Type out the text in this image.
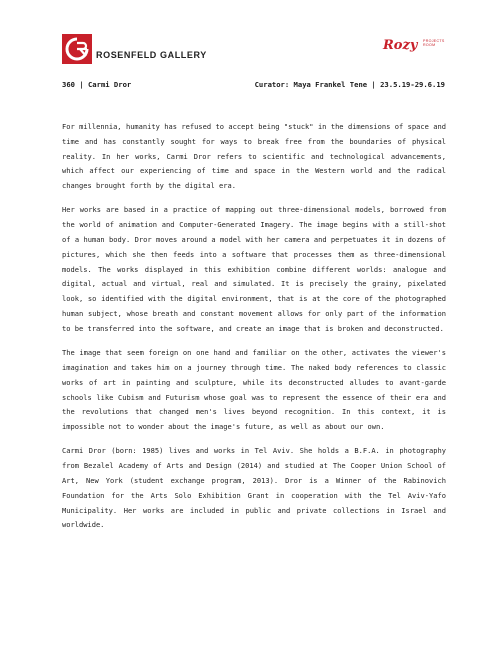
ROSENFELD GALLERY
Rozy PROJECTS ROOM
360 | Carmi Dror	Curator: Maya Frankel Tene | 23.5.19-29.6.19

For millennia, humanity has refused to accept being "stuck" in the dimensions of space and time and has constantly sought for ways to break free from the boundaries of physical reality. In her works, Carmi Dror refers to scientific and technological advancements, which affect our experiencing of time and space in the Western world and the radical changes brought forth by the digital era.

Her works are based in a practice of mapping out three-dimensional models, borrowed from the world of animation and Computer-Generated Imagery. The image begins with a still-shot of a human body. Dror moves around a model with her camera and perpetuates it in dozens of pictures, which she then feeds into a software that processes them as three-dimensional models. The works displayed in this exhibition combine different worlds: analogue and digital, actual and virtual, real and simulated. It is precisely the grainy, pixelated look, so identified with the digital environment, that is at the core of the photographed human subject, whose breath and constant movement allows for only part of the information to be transferred into the software, and create an image that is broken and deconstructed.

The image that seem foreign on one hand and familiar on the other, activates the viewer's imagination and takes him on a journey through time. The naked body references to classic works of art in painting and sculpture, while its deconstructed alludes to avant-garde schools like Cubism and Futurism whose goal was to represent the essence of their era and the revolutions that changed men's lives beyond recognition. In this context, it is impossible not to wonder about the image's future, as well as about our own.

Carmi Dror (born: 1985) lives and works in Tel Aviv. She holds a B.F.A. in photography from Bezalel Academy of Arts and Design (2014) and studied at The Cooper Union School of Art, New York (student exchange program, 2013). Dror is a Winner of the Rabinovich Foundation for the Arts Solo Exhibition Grant in cooperation with the Tel Aviv-Yafo Municipality. Her works are included in public and private collections in Israel and worldwide.
